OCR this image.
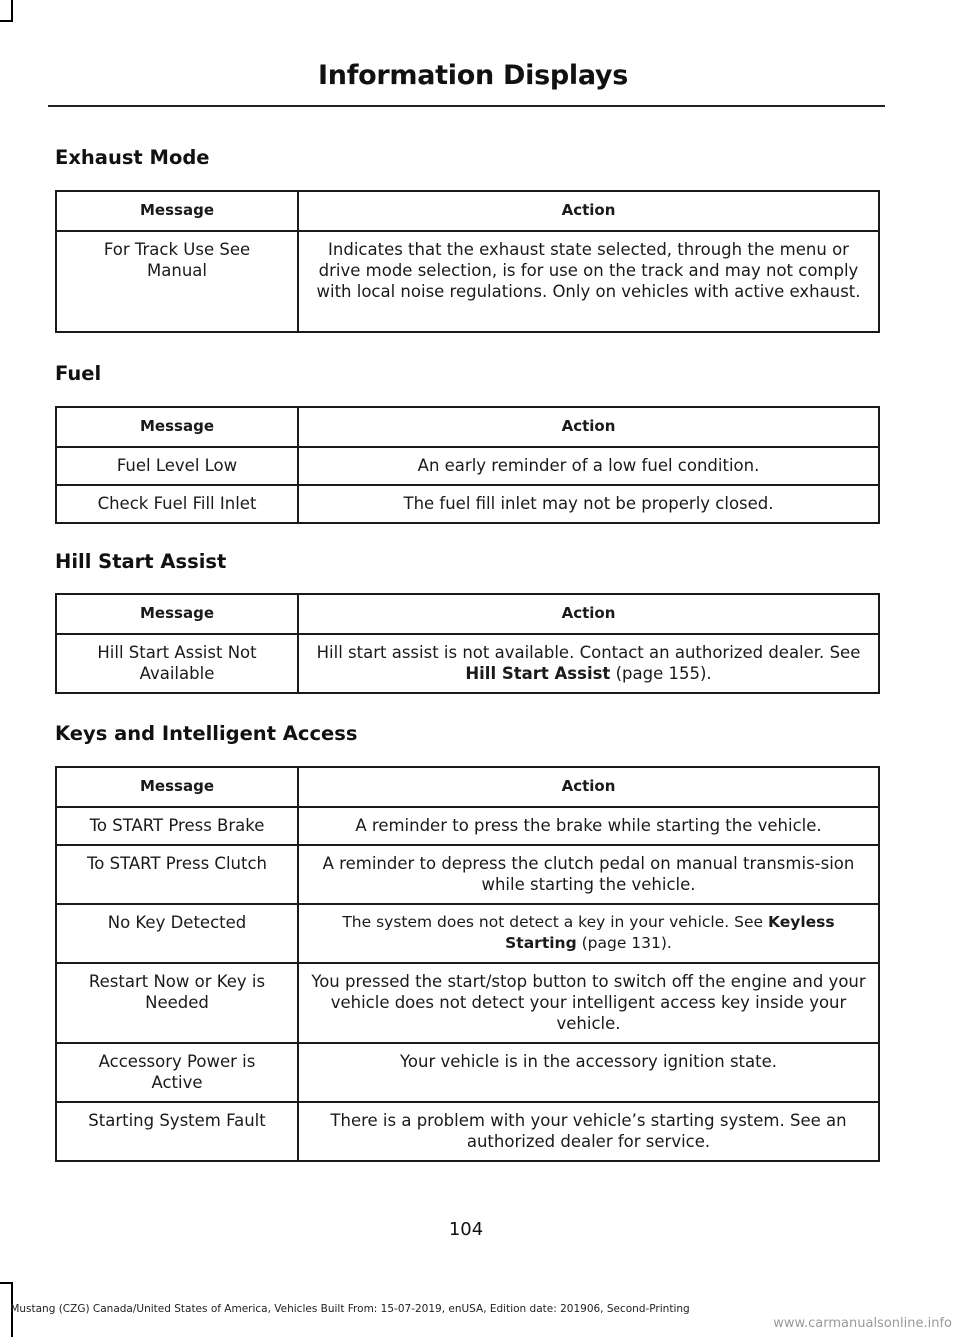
Information Displays
Exhaust Mode
Message	Action
For Track Use See Manual	Indicates that the exhaust state selected, through the menu or drive mode selection, is for use on the track and may not comply with local noise regulations. Only on vehicles with active exhaust.
Fuel
Message	Action
Fuel Level Low	An early reminder of a low fuel condition.
Check Fuel Fill Inlet	The fuel fill inlet may not be properly closed.
Hill Start Assist
Message	Action
Hill Start Assist Not Available	Hill start assist is not available. Contact an authorized dealer. See Hill Start Assist (page 155).
Keys and Intelligent Access
Message	Action
To START Press Brake	A reminder to press the brake while starting the vehicle.
To START Press Clutch	A reminder to depress the clutch pedal on manual transmis-sion while starting the vehicle.
No Key Detected	The system does not detect a key in your vehicle. See Keyless Starting (page 131).
Restart Now or Key is Needed	You pressed the start/stop button to switch off the engine and your vehicle does not detect your intelligent access key inside your vehicle.
Accessory Power is Active	Your vehicle is in the accessory ignition state.
Starting System Fault	There is a problem with your vehicle’s starting system. See an authorized dealer for service.
104
Mustang (CZG) Canada/United States of America, Vehicles Built From: 15-07-2019, enUSA, Edition date: 201906, Second-Printing
www.carmanualsonline.info
